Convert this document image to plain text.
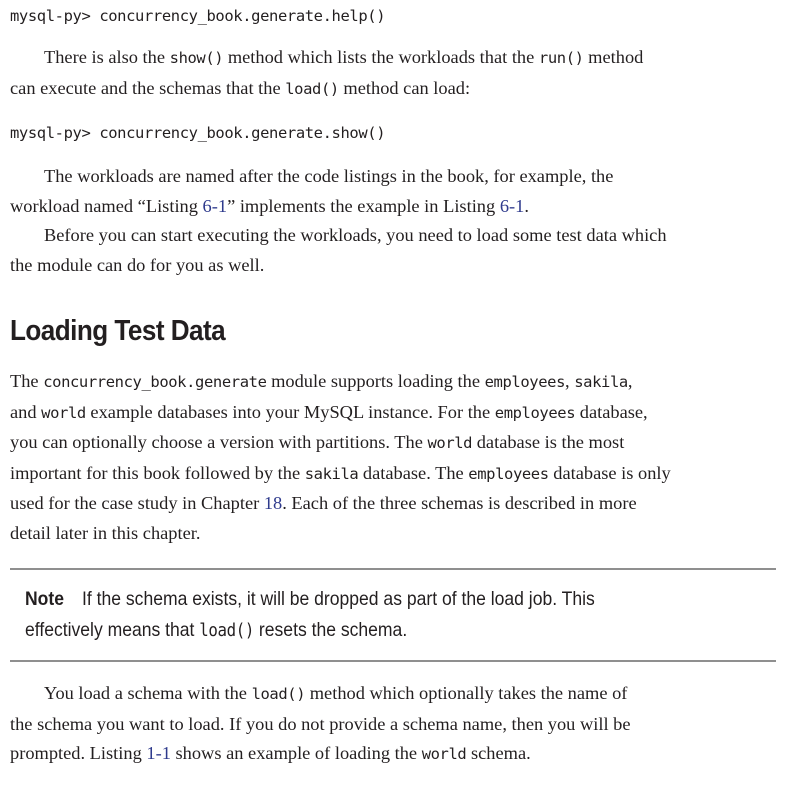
mysql-py> concurrency_book.generate.help()

There is also the show() method which lists the workloads that the run() method
can execute and the schemas that the load() method can load:

mysql-py> concurrency_book.generate.show()

The workloads are named after the code listings in the book, for example, the
workload named “Listing 6-1” implements the example in Listing 6-1.

Before you can start executing the workloads, you need to load some test data which
the module can do for you as well.

Loading Test Data

The concurrency_book.generate module supports loading the employees, sakila,
and world example databases into your MySQL instance. For the employees database,
you can optionally choose a version with partitions. The world database is the most
important for this book followed by the sakila database. The employees database is only
used for the case study in Chapter 18. Each of the three schemas is described in more
detail later in this chapter.

Note If the schema exists, it will be dropped as part of the load job. This
effectively means that load() resets the schema.

You load a schema with the load() method which optionally takes the name of
the schema you want to load. If you do not provide a schema name, then you will be
prompted. Listing 1-1 shows an example of loading the world schema.
